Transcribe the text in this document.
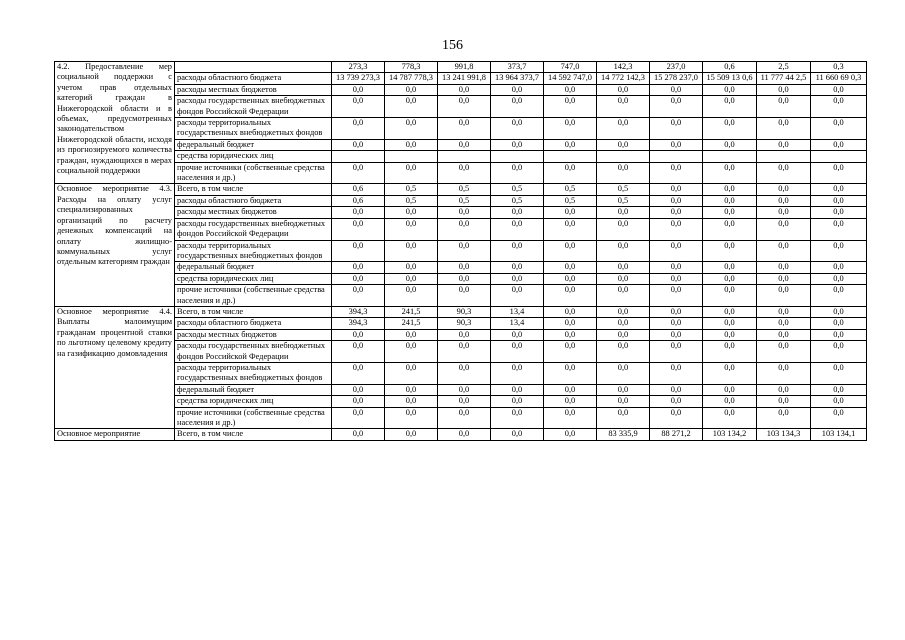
156
4.2. Предоставление мер социальной поддержки с учетом прав отдельных категорий граждан в Нижегородской области и в объемах, предусмотренных законодательством Нижегородской области, исходя из прогнозируемого количества граждан, нуждающихся в мерах социальной поддержки		273,3	778,3	991,8	373,7	747,0	142,3	237,0	0,6	2,5	0,3
	расходы областного бюджета	13 739 273,3	14 787 778,3	13 241 991,8	13 964 373,7	14 592 747,0	14 772 142,3	15 278 237,0	15 509 13 0,6	11 777 44 2,5	11 660 69 0,3
	расходы местных бюджетов	0,0	0,0	0,0	0,0	0,0	0,0	0,0	0,0	0,0	0,0
	расходы государственных внебюджетных фондов Российской Федерации	0,0	0,0	0,0	0,0	0,0	0,0	0,0	0,0	0,0	0,0
	расходы территориальных государственных внебюджетных фондов	0,0	0,0	0,0	0,0	0,0	0,0	0,0	0,0	0,0	0,0
	федеральный бюджет	0,0	0,0	0,0	0,0	0,0	0,0	0,0	0,0	0,0	0,0
	средства юридических лиц										
	прочие источники (собственные средства населения и др.)	0,0	0,0	0,0	0,0	0,0	0,0	0,0	0,0	0,0	0,0
Основное мероприятие 4.3. Расходы на оплату услуг специализированных организаций по расчету денежных компенсаций на оплату жилищно-коммунальных услуг отдельным категориям граждан	Всего, в том числе	0,6	0,5	0,5	0,5	0,5	0,5	0,0	0,0	0,0	0,0
	расходы областного бюджета	0,6	0,5	0,5	0,5	0,5	0,5	0,0	0,0	0,0	0,0
	расходы местных бюджетов	0,0	0,0	0,0	0,0	0,0	0,0	0,0	0,0	0,0	0,0
	расходы государственных внебюджетных фондов Российской Федерации	0,0	0,0	0,0	0,0	0,0	0,0	0,0	0,0	0,0	0,0
	расходы территориальных государственных внебюджетных фондов	0,0	0,0	0,0	0,0	0,0	0,0	0,0	0,0	0,0	0,0
	федеральный бюджет	0,0	0,0	0,0	0,0	0,0	0,0	0,0	0,0	0,0	0,0
	средства юридических лиц	0,0	0,0	0,0	0,0	0,0	0,0	0,0	0,0	0,0	0,0
	прочие источники (собственные средства населения и др.)	0,0	0,0	0,0	0,0	0,0	0,0	0,0	0,0	0,0	0,0
Основное мероприятие 4.4. Выплаты малоимущим гражданам процентной ставки по льготному целевому кредиту на газификацию домовладения	Всего, в том числе	394,3	241,5	90,3	13,4	0,0	0,0	0,0	0,0	0,0	0,0
	расходы областного бюджета	394,3	241,5	90,3	13,4	0,0	0,0	0,0	0,0	0,0	0,0
	расходы местных бюджетов	0,0	0,0	0,0	0,0	0,0	0,0	0,0	0,0	0,0	0,0
	расходы государственных внебюджетных фондов Российской Федерации	0,0	0,0	0,0	0,0	0,0	0,0	0,0	0,0	0,0	0,0
	расходы территориальных государственных внебюджетных фондов	0,0	0,0	0,0	0,0	0,0	0,0	0,0	0,0	0,0	0,0
	федеральный бюджет	0,0	0,0	0,0	0,0	0,0	0,0	0,0	0,0	0,0	0,0
	средства юридических лиц	0,0	0,0	0,0	0,0	0,0	0,0	0,0	0,0	0,0	0,0
	прочие источники (собственные средства населения и др.)	0,0	0,0	0,0	0,0	0,0	0,0	0,0	0,0	0,0	0,0
Основное мероприятие	Всего, в том числе	0,0	0,0	0,0	0,0	0,0	83 335,9	88 271,2	103 134,2	103 134,3	103 134,1
